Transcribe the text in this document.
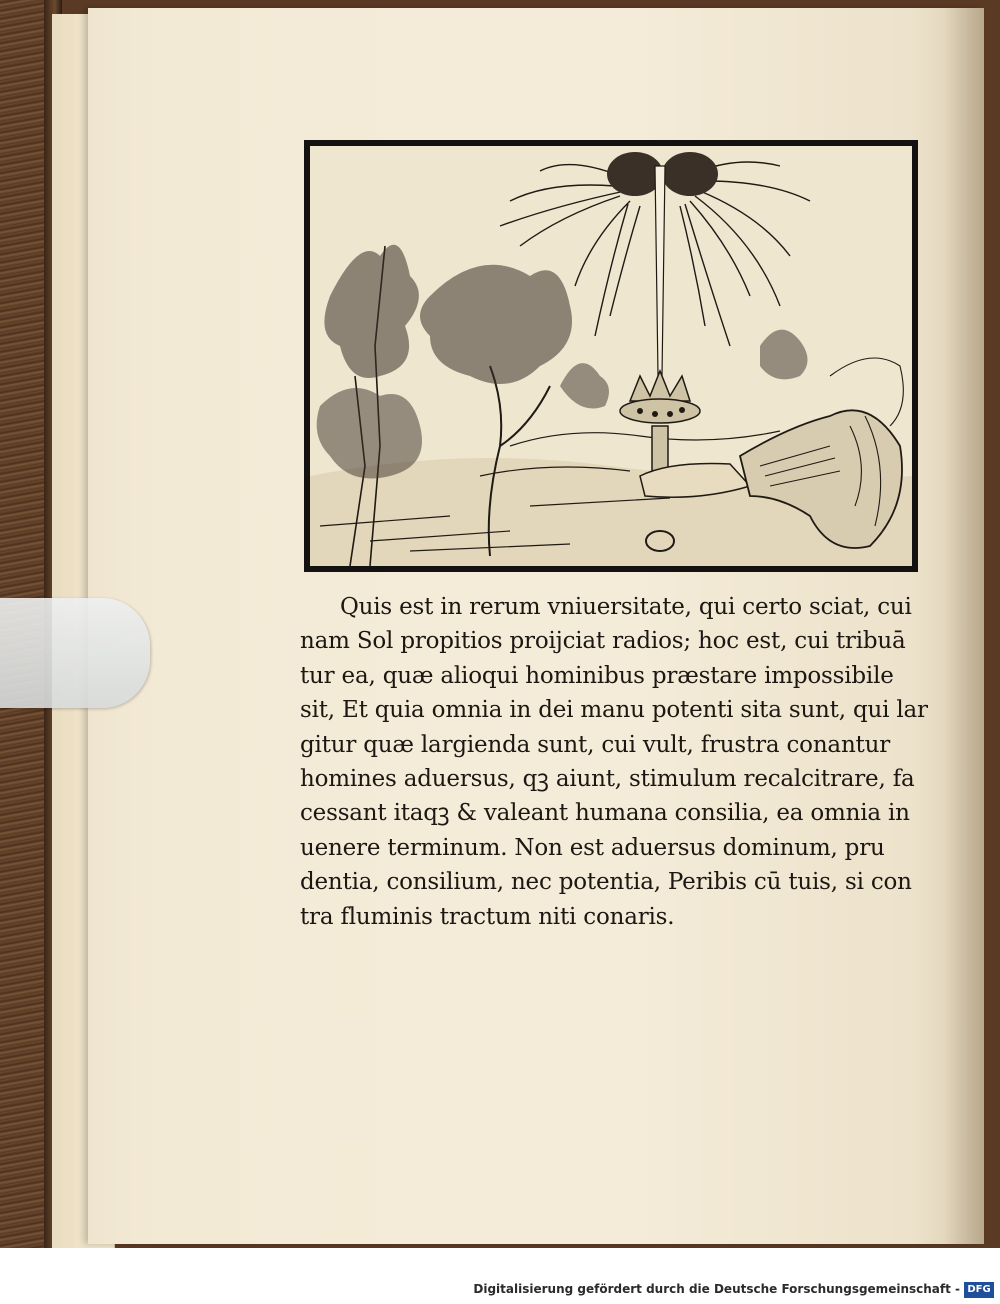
Quis est in rerum vniuersitate, qui certo sciat, cui
nam Sol propitios proijciat radios; hoc est, cui tribuā
tur ea, quæ alioqui hominibus præstare impossibile
sit, Et quia omnia in dei manu potenti sita sunt, qui lar
gitur quæ largienda sunt, cui vult, frustra conantur
homines aduersus, qꝫ aiunt, stimulum recalcitrare, fa
cessant itaqꝫ & valeant humana consilia, ea omnia in
uenere terminum. Non est aduersus dominum, pru
dentia, consilium, nec potentia, Peribis cū tuis, si con
tra fluminis tractum niti conaris.
Digitalisierung gefördert durch die Deutsche Forschungsgemeinschaft - DFG
